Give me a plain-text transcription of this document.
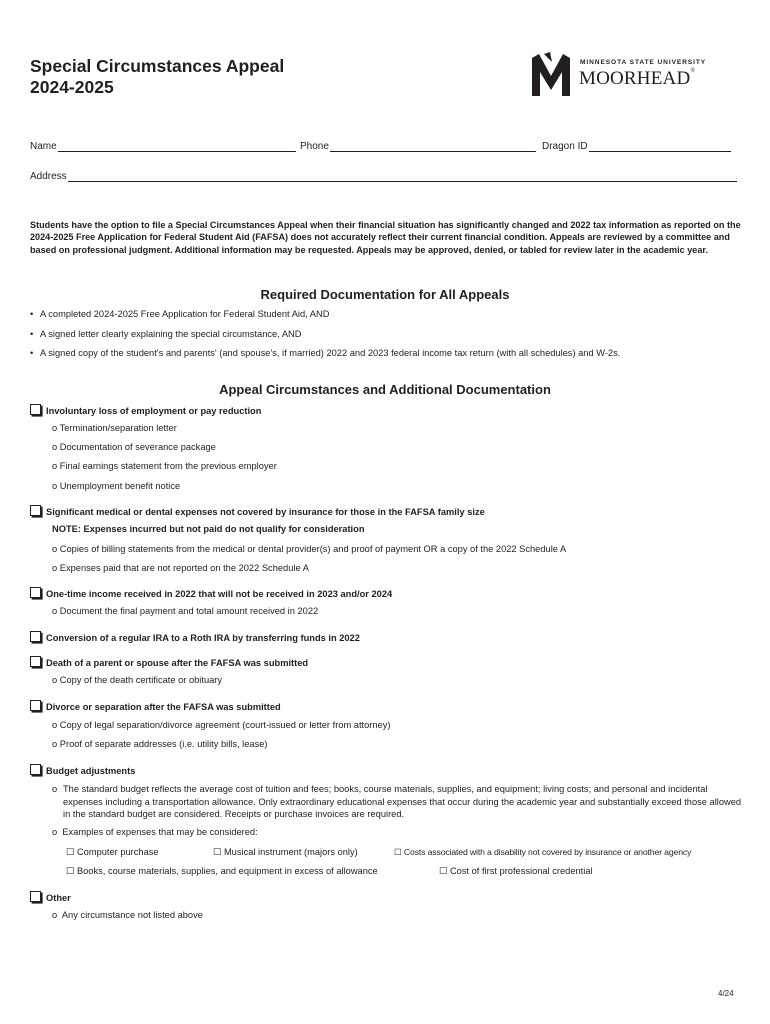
Special Circumstances Appeal
2024-2025
MINNESOTA STATE UNIVERSITY
MOORHEAD®
Name	Phone	Dragon ID
Address
Students have the option to file a Special Circumstances Appeal when their financial situation has significantly changed and 2022 tax information as reported on the 2024-2025 Free Application for Federal Student Aid (FAFSA) does not accurately reflect their current financial condition. Appeals are reviewed by a committee and based on professional judgment. Additional information may be requested. Appeals may be approved, denied, or tabled for review later in the academic year.
Required Documentation for All Appeals
• A completed 2024-2025 Free Application for Federal Student Aid, AND
• A signed letter clearly explaining the special circumstance, AND
• A signed copy of the student's and parents' (and spouse's, if married) 2022 and 2023 federal income tax return (with all schedules) and W-2s.
Appeal Circumstances and Additional Documentation
Involuntary loss of employment or pay reduction
o Termination/separation letter
o Documentation of severance package
o Final earnings statement from the previous employer
o Unemployment benefit notice
Significant medical or dental expenses not covered by insurance for those in the FAFSA family size
NOTE: Expenses incurred but not paid do not qualify for consideration
o Copies of billing statements from the medical or dental provider(s) and proof of payment OR a copy of the 2022 Schedule A
o Expenses paid that are not reported on the 2022 Schedule A
One-time income received in 2022 that will not be received in 2023 and/or 2024
o Document the final payment and total amount received in 2022
Conversion of a regular IRA to a Roth IRA by transferring funds in 2022
Death of a parent or spouse after the FAFSA was submitted
o Copy of the death certificate or obituary
Divorce or separation after the FAFSA was submitted
o Copy of legal separation/divorce agreement (court-issued or letter from attorney)
o Proof of separate addresses (i.e. utility bills, lease)
Budget adjustments
o The standard budget reflects the average cost of tuition and fees; books, course materials, supplies, and equipment; living costs; and personal and incidental expenses including a transportation allowance. Only extraordinary educational expenses that occur during the academic year and substantially exceed those allowed in the standard budget are considered. Receipts or purchase invoices are required.
o Examples of expenses that may be considered:
☐ Computer purchase	☐ Musical instrument (majors only)	☐ Costs associated with a disability not covered by insurance or another agency
☐ Books, course materials, supplies, and equipment in excess of allowance	☐ Cost of first professional credential
Other
o Any circumstance not listed above
4/24
